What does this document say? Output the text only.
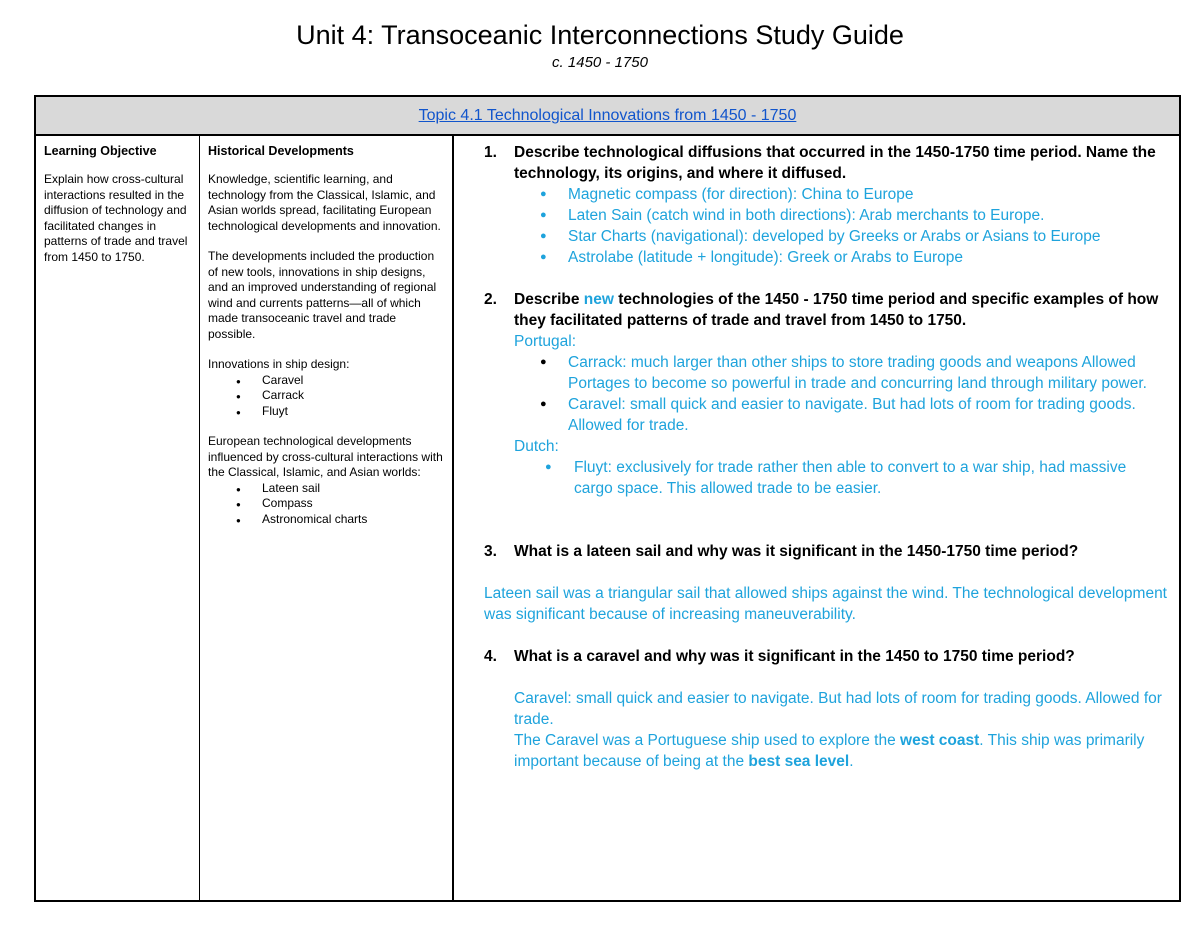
Unit 4: Transoceanic Interconnections Study Guide
c. 1450 - 1750
Topic 4.1 Technological Innovations from 1450 - 1750
Learning Objective
Explain how cross-cultural interactions resulted in the diffusion of technology and facilitated changes in patterns of trade and travel from 1450 to 1750.
Historical Developments

Knowledge, scientific learning, and technology from the Classical, Islamic, and Asian worlds spread, facilitating European technological developments and innovation.

The developments included the production of new tools, innovations in ship designs, and an improved understanding of regional wind and currents patterns—all of which made transoceanic travel and trade possible.

Innovations in ship design:
● Caravel
● Carrack
● Fluyt
European technological developments influenced by cross-cultural interactions with the Classical, Islamic, and Asian worlds:
● Lateen sail
● Compass
● Astronomical charts
1. Describe technological diffusions that occurred in the 1450-1750 time period. Name the technology, its origins, and where it diffused.
● Magnetic compass (for direction): China to Europe
● Laten Sain (catch wind in both directions): Arab merchants to Europe.
● Star Charts (navigational): developed by Greeks or Arabs or Asians to Europe
● Astrolabe (latitude + longitude): Greek or Arabs to Europe
2. Describe new technologies of the 1450 - 1750 time period and specific examples of how they facilitated patterns of trade and travel from 1450 to 1750.
Portugal:
● Carrack: much larger than other ships to store trading goods and weapons Allowed Portages to become so powerful in trade and concurring land through military power.
● Caravel: small quick and easier to navigate. But had lots of room for trading goods. Allowed for trade.
Dutch:
● Fluyt: exclusively for trade rather then able to convert to a war ship, had massive cargo space. This allowed trade to be easier.
3. What is a lateen sail and why was it significant in the 1450-1750 time period?
Lateen sail was a triangular sail that allowed ships against the wind. The technological development was significant because of increasing maneuverability.
4. What is a caravel and why was it significant in the 1450 to 1750 time period?
Caravel: small quick and easier to navigate. But had lots of room for trading goods. Allowed for trade.
The Caravel was a Portuguese ship used to explore the west coast. This ship was primarily important because of being at the best sea level.
